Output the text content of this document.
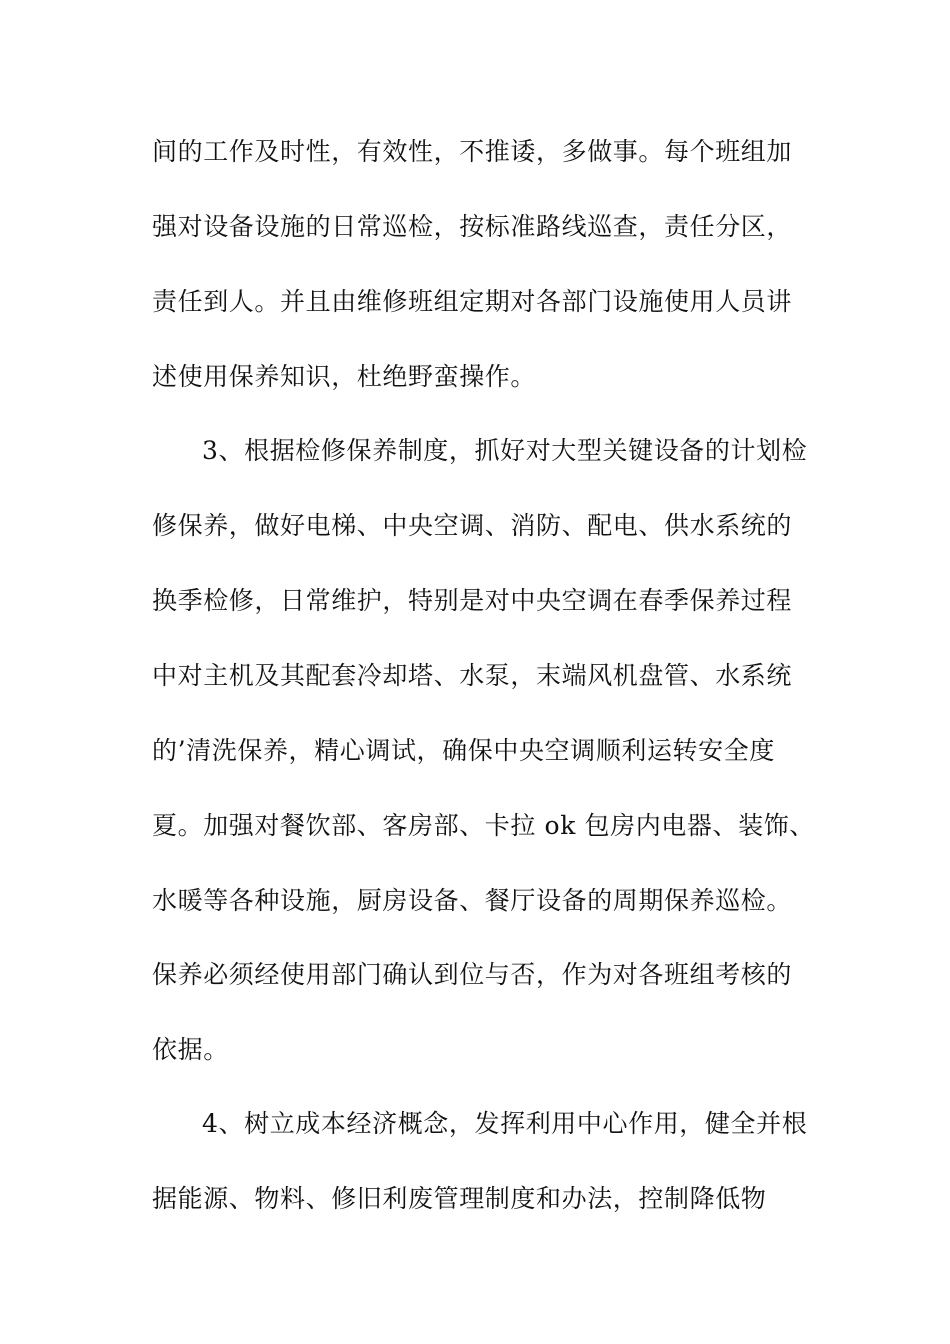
间的工作及时性，有效性，不推诿，多做事。每个班组加
强对设备设施的日常巡检，按标准路线巡查，责任分区，
责任到人。并且由维修班组定期对各部门设施使用人员讲
述使用保养知识，杜绝野蛮操作。
3、根据检修保养制度，抓好对大型关键设备的计划检
修保养，做好电梯、中央空调、消防、配电、供水系统的
换季检修，日常维护，特别是对中央空调在春季保养过程
中对主机及其配套冷却塔、水泵，末端风机盘管、水系统
的’清洗保养，精心调试，确保中央空调顺利运转安全度
夏。加强对餐饮部、客房部、卡拉 ok 包房内电器、装饰、
水暖等各种设施，厨房设备、餐厅设备的周期保养巡检。
保养必须经使用部门确认到位与否，作为对各班组考核的
依据。
4、树立成本经济概念，发挥利用中心作用，健全并根
据能源、物料、修旧利废管理制度和办法，控制降低物
